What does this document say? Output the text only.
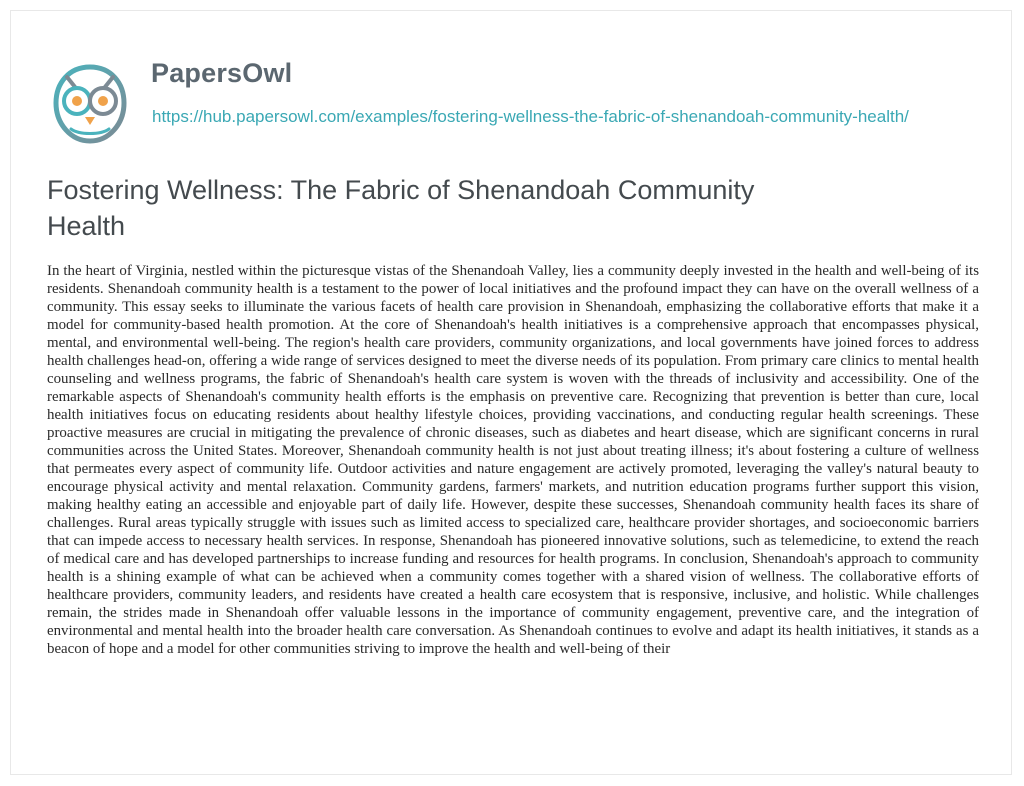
PapersOwl
https://hub.papersowl.com/examples/fostering-wellness-the-fabric-of-shenandoah-community-health/
Fostering Wellness: The Fabric of Shenandoah Community Health

In the heart of Virginia, nestled within the picturesque vistas of the Shenandoah Valley, lies a community deeply invested in the health and well-being of its residents. Shenandoah community health is a testament to the power of local initiatives and the profound impact they can have on the overall wellness of a community. This essay seeks to illuminate the various facets of health care provision in Shenandoah, emphasizing the collaborative efforts that make it a model for community-based health promotion. At the core of Shenandoah's health initiatives is a comprehensive approach that encompasses physical, mental, and environmental well-being. The region's health care providers, community organizations, and local governments have joined forces to address health challenges head-on, offering a wide range of services designed to meet the diverse needs of its population. From primary care clinics to mental health counseling and wellness programs, the fabric of Shenandoah's health care system is woven with the threads of inclusivity and accessibility. One of the remarkable aspects of Shenandoah's community health efforts is the emphasis on preventive care. Recognizing that prevention is better than cure, local health initiatives focus on educating residents about healthy lifestyle choices, providing vaccinations, and conducting regular health screenings. These proactive measures are crucial in mitigating the prevalence of chronic diseases, such as diabetes and heart disease, which are significant concerns in rural communities across the United States. Moreover, Shenandoah community health is not just about treating illness; it's about fostering a culture of wellness that permeates every aspect of community life. Outdoor activities and nature engagement are actively promoted, leveraging the valley's natural beauty to encourage physical activity and mental relaxation. Community gardens, farmers' markets, and nutrition education programs further support this vision, making healthy eating an accessible and enjoyable part of daily life. However, despite these successes, Shenandoah community health faces its share of challenges. Rural areas typically struggle with issues such as limited access to specialized care, healthcare provider shortages, and socioeconomic barriers that can impede access to necessary health services. In response, Shenandoah has pioneered innovative solutions, such as telemedicine, to extend the reach of medical care and has developed partnerships to increase funding and resources for health programs. In conclusion, Shenandoah's approach to community health is a shining example of what can be achieved when a community comes together with a shared vision of wellness. The collaborative efforts of healthcare providers, community leaders, and residents have created a health care ecosystem that is responsive, inclusive, and holistic. While challenges remain, the strides made in Shenandoah offer valuable lessons in the importance of community engagement, preventive care, and the integration of environmental and mental health into the broader health care conversation. As Shenandoah continues to evolve and adapt its health initiatives, it stands as a beacon of hope and a model for other communities striving to improve the health and well-being of their
